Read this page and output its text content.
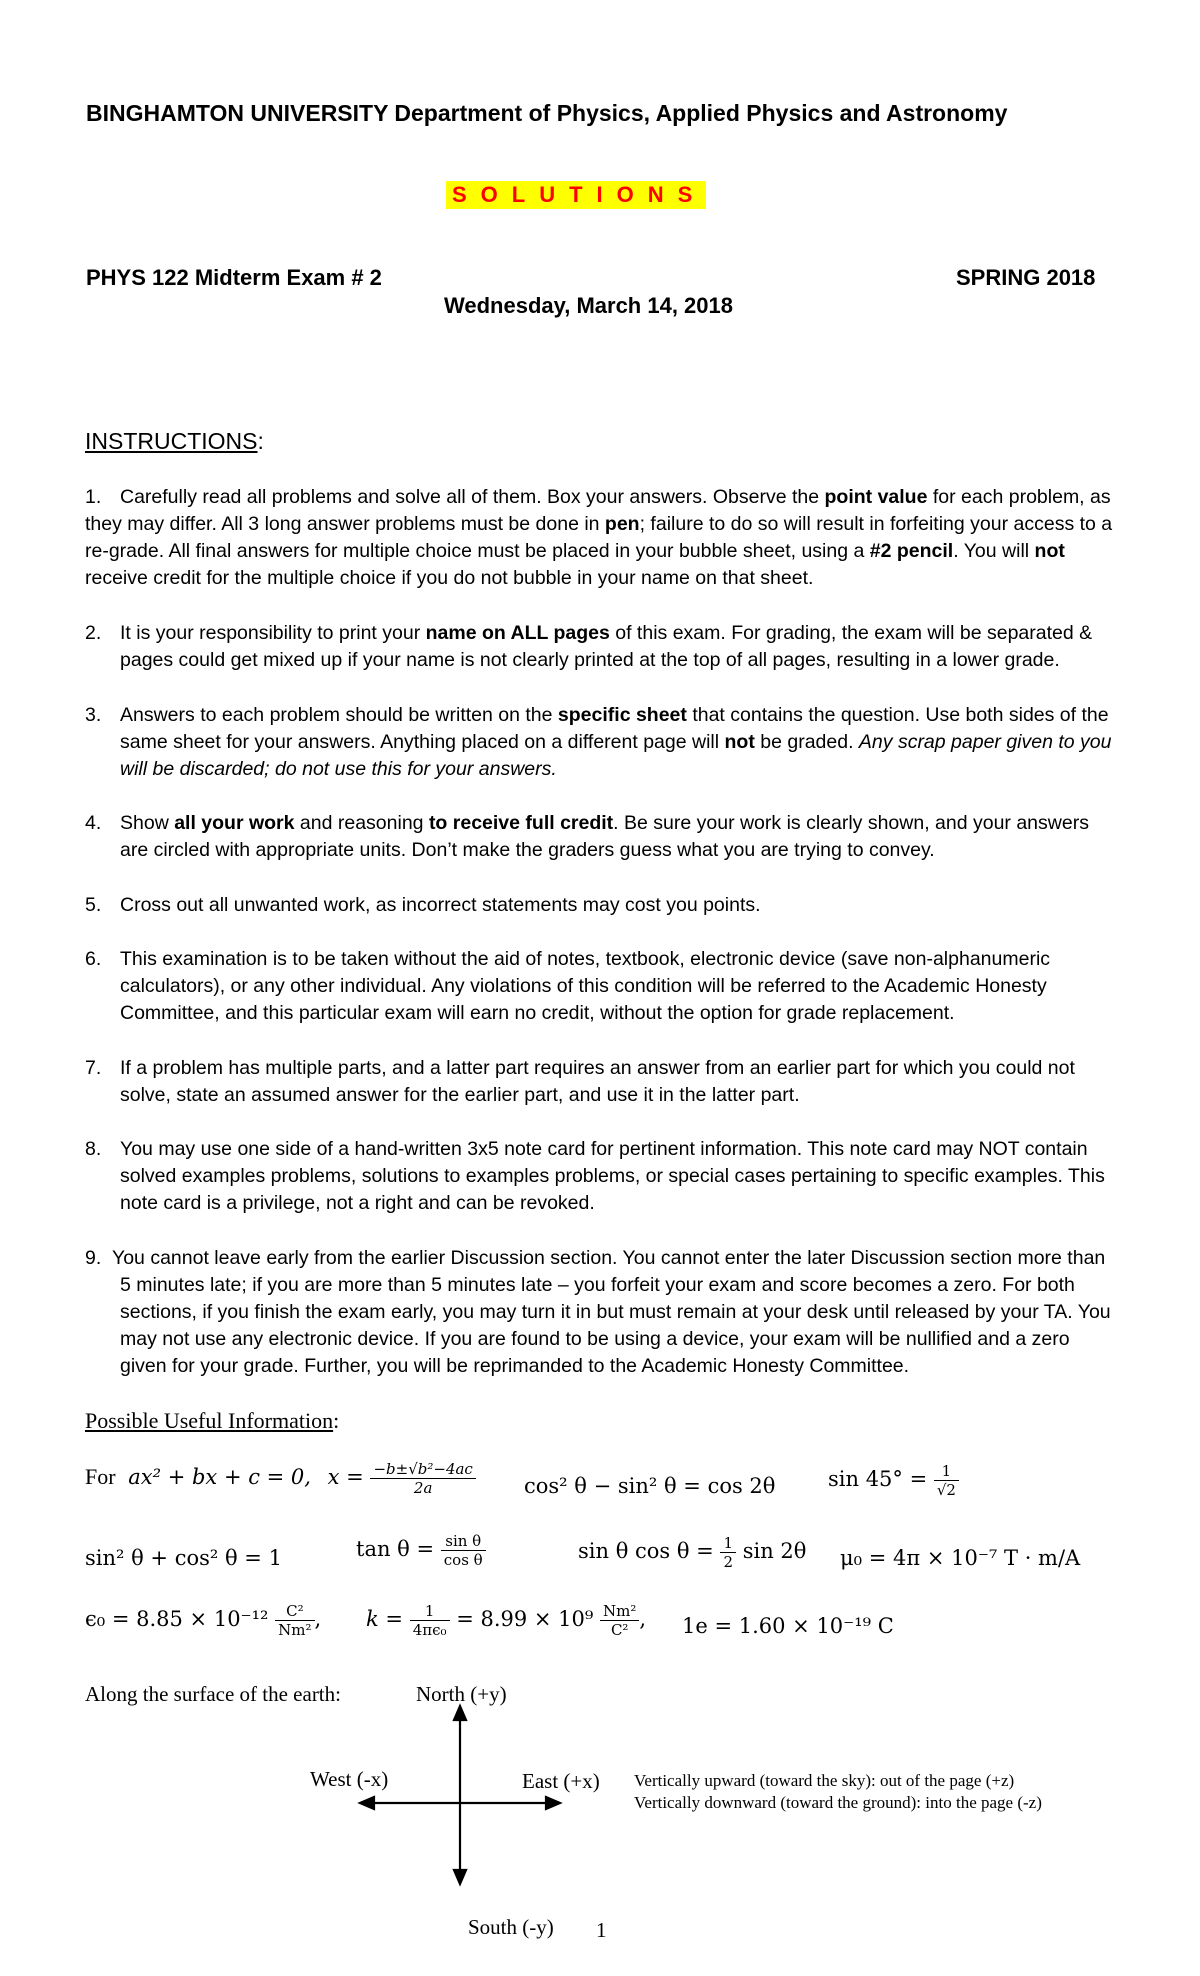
BINGHAMTON UNIVERSITY Department of Physics, Applied Physics and Astronomy
SOLUTIONS
PHYS 122 Midterm Exam # 2	SPRING 2018
Wednesday, March 14, 2018
INSTRUCTIONS:
1. Carefully read all problems and solve all of them. Box your answers. Observe the point value for each problem, as they may differ. All 3 long answer problems must be done in pen; failure to do so will result in forfeiting your access to a re-grade. All final answers for multiple choice must be placed in your bubble sheet, using a #2 pencil. You will not receive credit for the multiple choice if you do not bubble in your name on that sheet.
2. It is your responsibility to print your name on ALL pages of this exam. For grading, the exam will be separated & pages could get mixed up if your name is not clearly printed at the top of all pages, resulting in a lower grade.
3. Answers to each problem should be written on the specific sheet that contains the question. Use both sides of the same sheet for your answers. Anything placed on a different page will not be graded. Any scrap paper given to you will be discarded; do not use this for your answers.
4. Show all your work and reasoning to receive full credit. Be sure your work is clearly shown, and your answers are circled with appropriate units. Don’t make the graders guess what you are trying to convey.
5. Cross out all unwanted work, as incorrect statements may cost you points.
6. This examination is to be taken without the aid of notes, textbook, electronic device (save non-alphanumeric calculators), or any other individual. Any violations of this condition will be referred to the Academic Honesty Committee, and this particular exam will earn no credit, without the option for grade replacement.
7. If a problem has multiple parts, and a latter part requires an answer from an earlier part for which you could not solve, state an assumed answer for the earlier part, and use it in the latter part.
8. You may use one side of a hand-written 3x5 note card for pertinent information. This note card may NOT contain solved examples problems, solutions to examples problems, or special cases pertaining to specific examples. This note card is a privilege, not a right and can be revoked.
9. You cannot leave early from the earlier Discussion section. You cannot enter the later Discussion section more than 5 minutes late; if you are more than 5 minutes late – you forfeit your exam and score becomes a zero. For both sections, if you finish the exam early, you may turn it in but must remain at your desk until released by your TA. You may not use any electronic device. If you are found to be using a device, your exam will be nullified and a zero given for your grade. Further, you will be reprimanded to the Academic Honesty Committee.
Possible Useful Information:
For ax² + bx + c = 0, $x = \frac{\text{−b±√b²−4ac}}{2a} \cos^2$ θ − sin² θ = cos 2θ	$\sin 45^\circ = \frac{1}{√2}$
sin² θ + cos² θ = 1	$\tan \theta = \frac{\text{sin θ}}{\text{cos θ}}$	sin θ $\cos \theta = \frac{1}{2}$ sin 2θ μ₀ = 4π × 10⁻⁷ T · m/A
$\epsilon_0 = 8.85 \times 10^{-12} \frac{\text{C²}}{\text{Nm²}}$ , $k = \frac{1}{\text{4πϵ₀}} = 8.99 \times 10^9 \frac{\text{Nm²}}{\text{C²}}$ , 1e = 1.60 × 10⁻¹⁹ C
Along the surface of the earth:	North (+y)
West (-x)	East (+x) Vertically upward (toward the sky): out of the page (+z)
Vertically downward (toward the ground): into the page (-z)
South (-y) 1
